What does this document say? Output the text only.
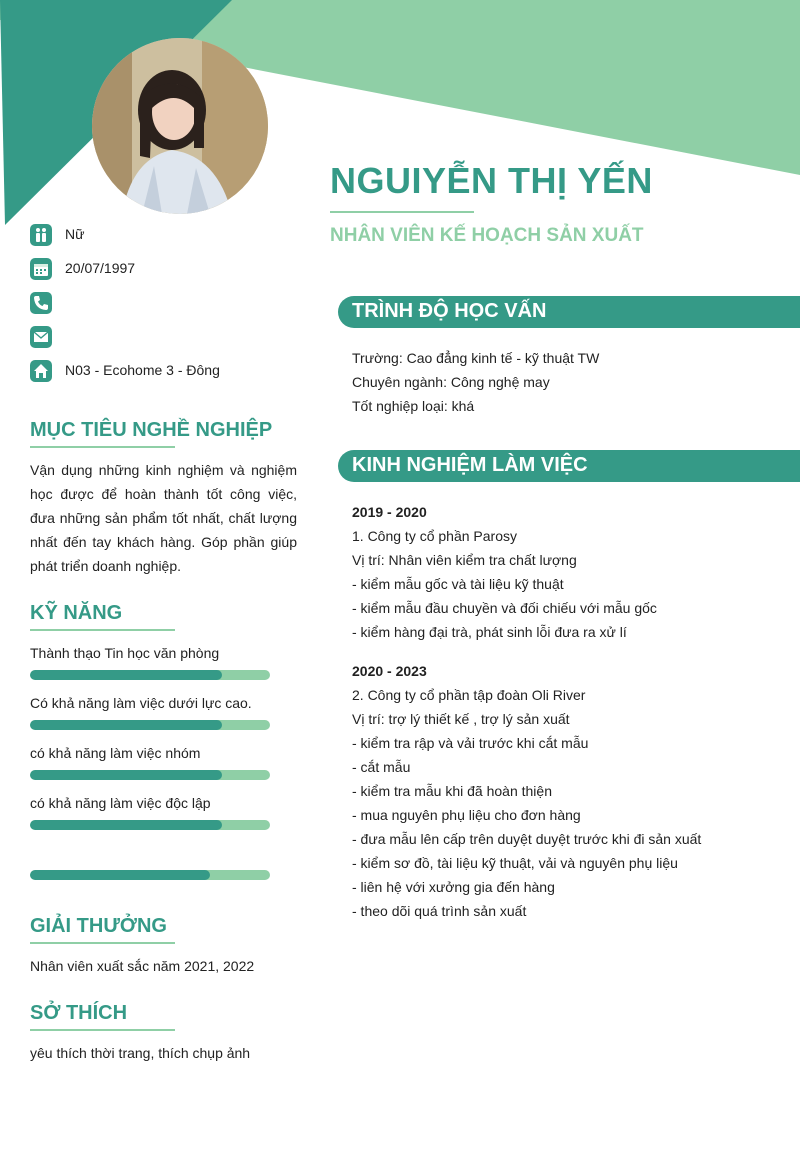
NGUIYỄN THỊ YẾN
NHÂN VIÊN KẾ HOẠCH SẢN XUẤT
Nữ
20/07/1997
N03 - Ecohome 3 - Đông
MỤC TIÊU NGHỀ NGHIỆP
Vận dụng những kinh nghiệm và nghiệm học được để hoàn thành tốt công việc, đưa những sản phẩm tốt nhất, chất lượng nhất đến tay khách hàng. Góp phần giúp phát triển doanh nghiệp.
KỸ NĂNG
Thành thạo Tin học văn phòng
Có khả năng làm việc dưới lực cao.
có khả năng làm việc nhóm
có khả năng làm việc độc lập
GIẢI THƯỞNG
Nhân viên xuất sắc năm 2021, 2022
SỞ THÍCH
yêu thích thời trang, thích chụp ảnh
TRÌNH ĐỘ HỌC VẤN
Trường: Cao đẳng kinh tế - kỹ thuật TW
Chuyên ngành: Công nghệ may
Tốt nghiệp loại: khá
KINH NGHIỆM LÀM VIỆC
2019 - 2020
1. Công ty cổ phần Parosy
Vị trí: Nhân viên kiểm tra chất lượng
- kiểm mẫu gốc và tài liệu kỹ thuật
- kiểm mẫu đầu chuyền và đối chiếu với mẫu gốc
- kiểm hàng đại trà, phát sinh lỗi đưa ra xử lí
2020 - 2023
2. Công ty cổ phần tập đoàn Oli River
Vị trí: trợ lý thiết kế , trợ lý sản xuất
- kiểm tra rập và vải trước khi cắt mẫu
- cắt mẫu
- kiểm tra mẫu khi đã hoàn thiện
- mua nguyên phụ liệu cho đơn hàng
- đưa mẫu lên cấp trên duyệt duyệt trước khi đi sản xuất
- kiểm sơ đồ, tài liệu kỹ thuật, vải và nguyên phụ liệu
- liên hệ với xưởng gia đến hàng
- theo dõi quá trình sản xuất
